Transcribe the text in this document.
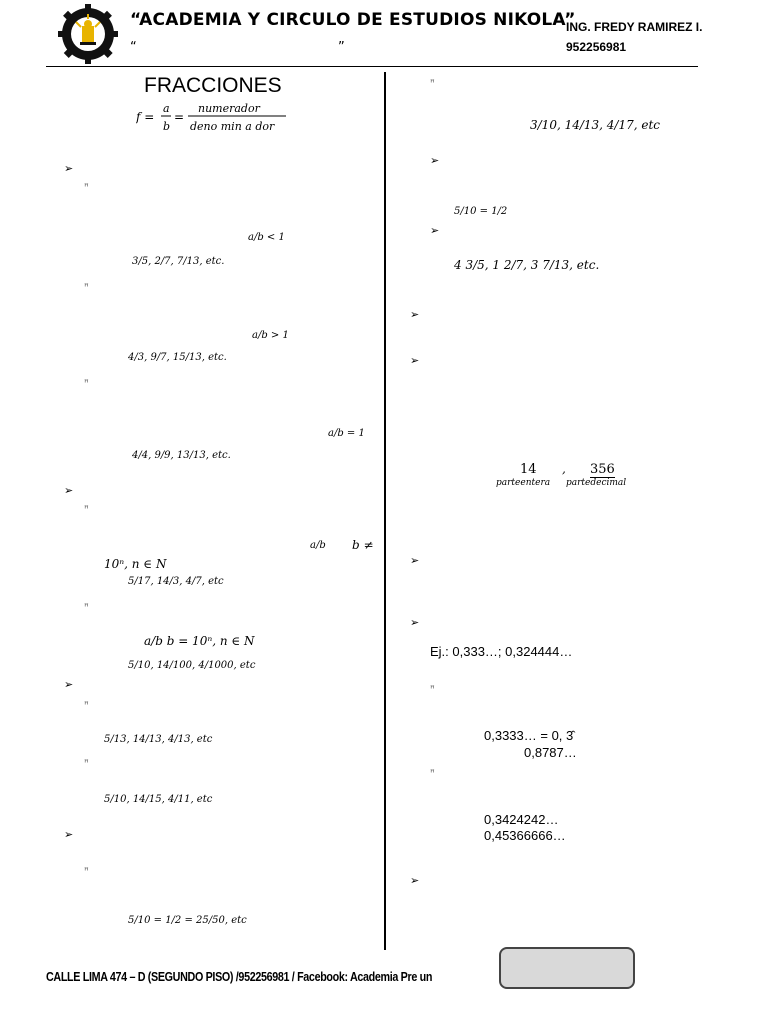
“ACADEMIA Y CIRCULO DE ESTUDIOS NIKOLA”
“	”
ING. FREDY RAMIREZ I.
952256981
FRACCIONES
f =
a
b
=
numerador
deno min a dor
➢
ꟸ
a/b < 1
3/5, 2/7, 7/13, etc.
ꟸ
a/b > 1
4/3, 9/7, 15/13, etc.
ꟸ
a/b = 1
4/4, 9/9, 13/13, etc.
➢
ꟸ
a/b b ≠
10ⁿ, n ∈ N
5/17, 14/3, 4/7, etc
ꟸ
a/b b = 10ⁿ, n ∈ N
5/10, 14/100, 4/1000, etc
➢
ꟸ
5/13, 14/13, 4/13, etc
ꟸ
5/10, 14/15, 4/11, etc
➢
ꟸ
5/10 = 1/2 = 25/50, etc
ꟸ
3/10, 14/13, 4/17, etc
➢
5/10 = 1/2
➢
4 3/5, 1 2/7, 3 7/13, etc.
➢
➢
14 , 356
parteentera partedecimal
➢
➢
Ej.: 0,333…; 0,324444…
ꟸ
0,3333… = 0, 3̂
0,8787…
ꟸ
0,3424242…
0,45366666…
➢
CALLE LIMA 474 – D (SEGUNDO PISO) /952256981 / Facebook: Academia Pre un
